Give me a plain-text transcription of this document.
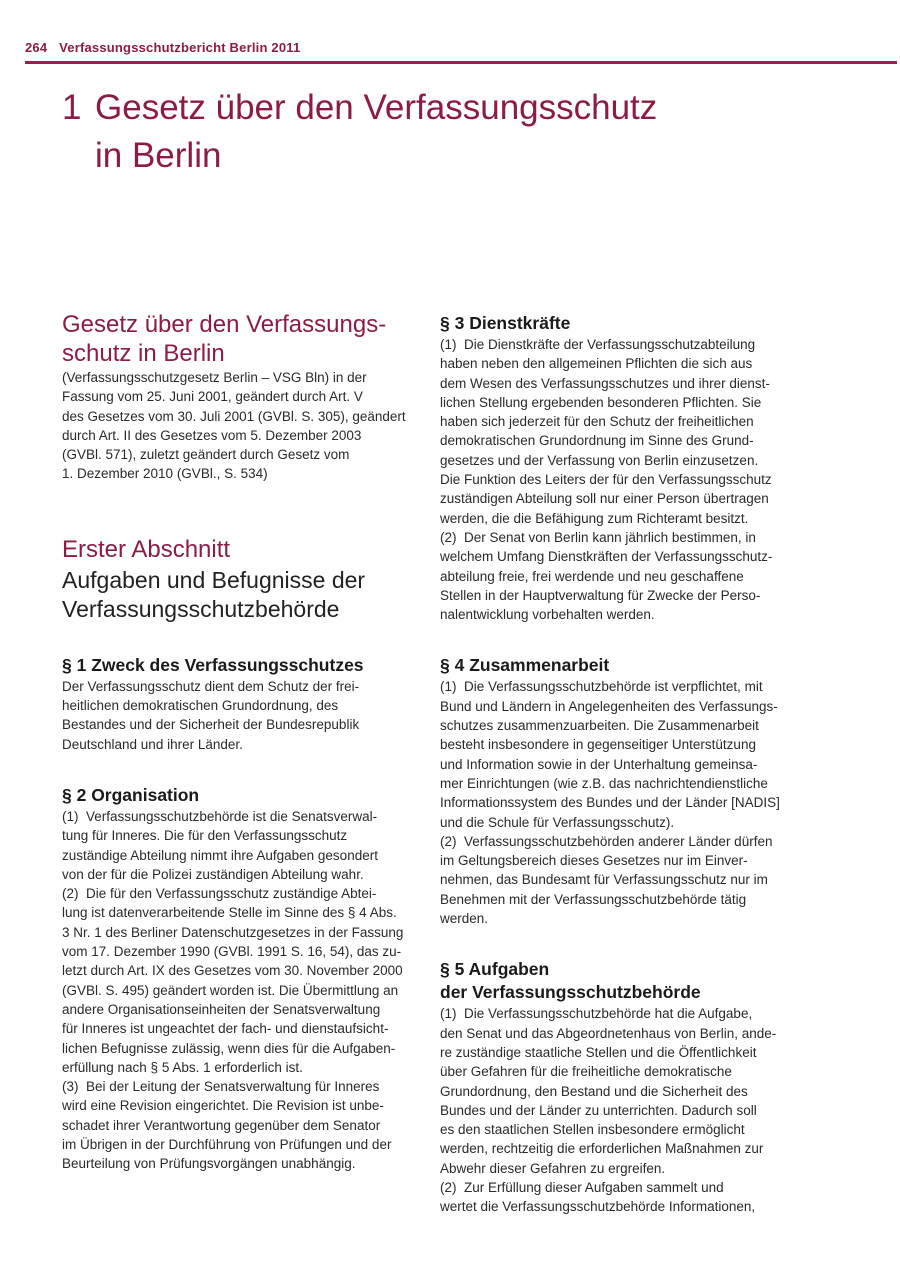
264 Verfassungsschutzbericht Berlin 2011
1 Gesetz über den Verfassungsschutz
in Berlin
Gesetz über den Verfassungs-
schutz in Berlin
(Verfassungsschutzgesetz Berlin – VSG Bln) in der
Fassung vom 25. Juni 2001, geändert durch Art. V
des Gesetzes vom 30. Juli 2001 (GVBl. S. 305), geändert
durch Art. II des Gesetzes vom 5. Dezember 2003
(GVBl. 571), zuletzt geändert durch Gesetz vom
1. Dezember 2010 (GVBl., S. 534)
Erster Abschnitt
Aufgaben und Befugnisse der
Verfassungsschutzbehörde
§ 1 Zweck des Verfassungsschutzes
Der Verfassungsschutz dient dem Schutz der frei-
heitlichen demokratischen Grundordnung, des
Bestandes und der Sicherheit der Bundesrepublik
Deutschland und ihrer Länder.
§ 2 Organisation
(1)  Verfassungsschutzbehörde ist die Senatsverwal-
tung für Inneres. Die für den Verfassungsschutz
zuständige Abteilung nimmt ihre Aufgaben gesondert
von der für die Polizei zuständigen Abteilung wahr.
(2)  Die für den Verfassungsschutz zuständige Abtei-
lung ist datenverarbeitende Stelle im Sinne des § 4 Abs.
3 Nr. 1 des Berliner Datenschutzgesetzes in der Fassung
vom 17. Dezember 1990 (GVBl. 1991 S. 16, 54), das zu-
letzt durch Art. IX des Gesetzes vom 30. November 2000
(GVBl. S. 495) geändert worden ist. Die Übermittlung an
andere Organisationseinheiten der Senatsverwaltung
für Inneres ist ungeachtet der fach- und dienstaufsicht-
lichen Befugnisse zulässig, wenn dies für die Aufgaben-
erfüllung nach § 5 Abs. 1 erforderlich ist.
(3)  Bei der Leitung der Senatsverwaltung für Inneres
wird eine Revision eingerichtet. Die Revision ist unbe-
schadet ihrer Verantwortung gegenüber dem Senator
im Übrigen in der Durchführung von Prüfungen und der
Beurteilung von Prüfungsvorgängen unabhängig.
§ 3 Dienstkräfte
(1)  Die Dienstkräfte der Verfassungsschutzabteilung
haben neben den allgemeinen Pflichten die sich aus
dem Wesen des Verfassungsschutzes und ihrer dienst-
lichen Stellung ergebenden besonderen Pflichten. Sie
haben sich jederzeit für den Schutz der freiheitlichen
demokratischen Grundordnung im Sinne des Grund-
gesetzes und der Verfassung von Berlin einzusetzen.
Die Funktion des Leiters der für den Verfassungsschutz
zuständigen Abteilung soll nur einer Person übertragen
werden, die die Befähigung zum Richteramt besitzt.
(2)  Der Senat von Berlin kann jährlich bestimmen, in
welchem Umfang Dienstkräften der Verfassungsschutz-
abteilung freie, frei werdende und neu geschaffene
Stellen in der Hauptverwaltung für Zwecke der Perso-
nalentwicklung vorbehalten werden.
§ 4 Zusammenarbeit
(1)  Die Verfassungsschutzbehörde ist verpflichtet, mit
Bund und Ländern in Angelegenheiten des Verfassungs-
schutzes zusammenzuarbeiten. Die Zusammenarbeit
besteht insbesondere in gegenseitiger Unterstützung
und Information sowie in der Unterhaltung gemeinsa-
mer Einrichtungen (wie z.B. das nachrichtendienstliche
Informationssystem des Bundes und der Länder [NADIS]
und die Schule für Verfassungsschutz).
(2)  Verfassungsschutzbehörden anderer Länder dürfen
im Geltungsbereich dieses Gesetzes nur im Einver-
nehmen, das Bundesamt für Verfassungsschutz nur im
Benehmen mit der Verfassungsschutzbehörde tätig
werden.
§ 5 Aufgaben
der Verfassungsschutzbehörde
(1)  Die Verfassungsschutzbehörde hat die Aufgabe,
den Senat und das Abgeordnetenhaus von Berlin, ande-
re zuständige staatliche Stellen und die Öffentlichkeit
über Gefahren für die freiheitliche demokratische
Grundordnung, den Bestand und die Sicherheit des
Bundes und der Länder zu unterrichten. Dadurch soll
es den staatlichen Stellen insbesondere ermöglicht
werden, rechtzeitig die erforderlichen Maßnahmen zur
Abwehr dieser Gefahren zu ergreifen.
(2)  Zur Erfüllung dieser Aufgaben sammelt und
wertet die Verfassungsschutzbehörde Informationen,
